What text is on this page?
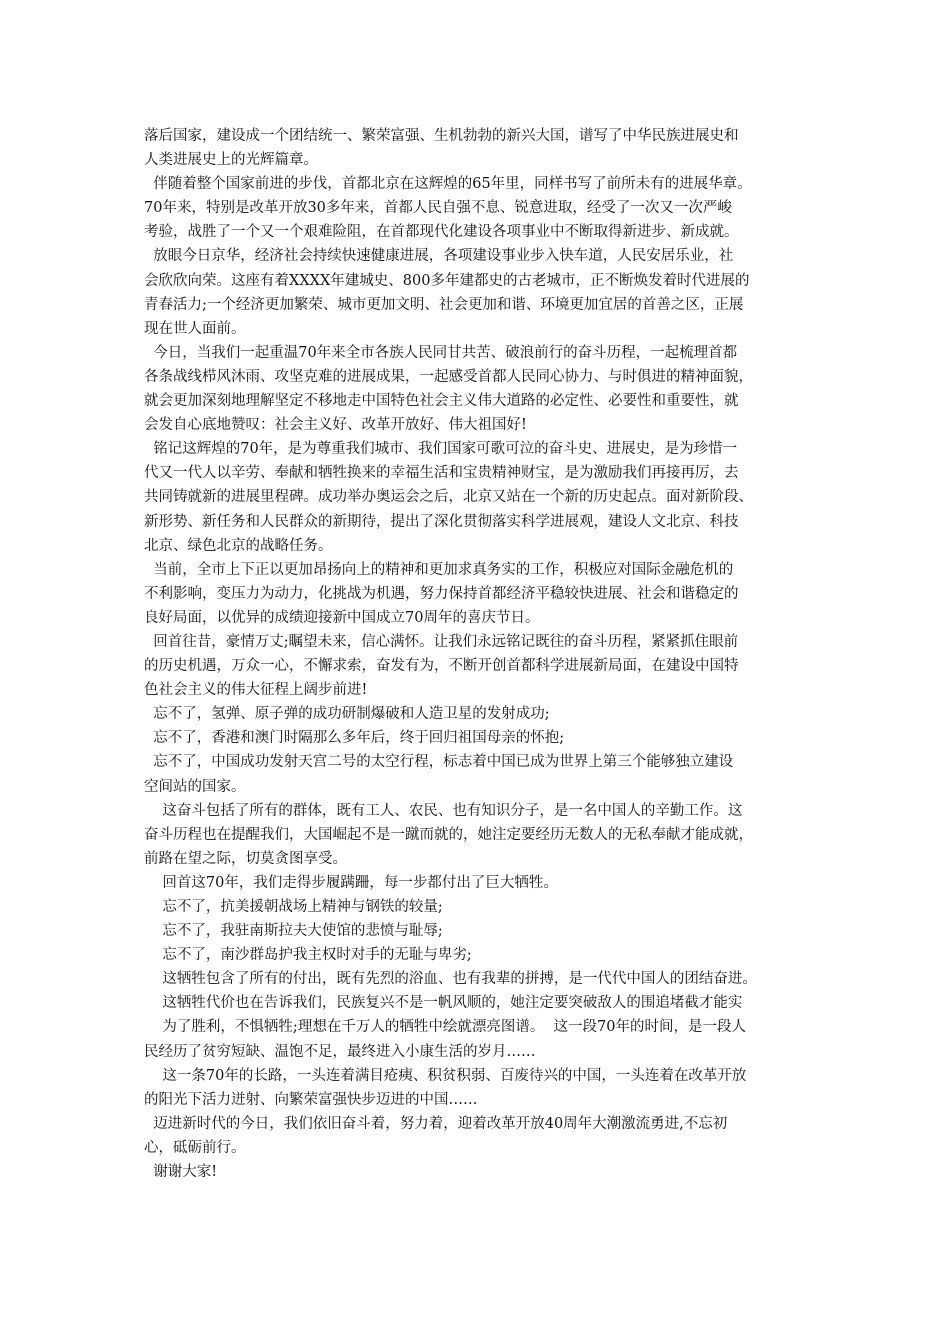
落后国家，建设成一个团结统一、繁荣富强、生机勃勃的新兴大国，谱写了中华民族进展史和
人类进展史上的光辉篇章。
伴随着整个国家前进的步伐，首都北京在这辉煌的65年里，同样书写了前所未有的进展华章。
70年来，特别是改革开放30多年来，首都人民自强不息、锐意进取，经受了一次又一次严峻
考验，战胜了一个又一个艰难险阻，在首都现代化建设各项事业中不断取得新进步、新成就。
放眼今日京华，经济社会持续快速健康进展，各项建设事业步入快车道，人民安居乐业，社
会欣欣向荣。这座有着XXXX年建城史、800多年建都史的古老城市，正不断焕发着时代进展的
青春活力;一个经济更加繁荣、城市更加文明、社会更加和谐、环境更加宜居的首善之区，正展
现在世人面前。
今日，当我们一起重温70年来全市各族人民同甘共苦、破浪前行的奋斗历程，一起梳理首都
各条战线栉风沐雨、攻坚克难的进展成果，一起感受首都人民同心协力、与时俱进的精神面貌，
就会更加深刻地理解坚定不移地走中国特色社会主义伟大道路的必定性、必要性和重要性，就
会发自心底地赞叹：社会主义好、改革开放好、伟大祖国好!
铭记这辉煌的70年，是为尊重我们城市、我们国家可歌可泣的奋斗史、进展史，是为珍惜一
代又一代人以辛劳、奉献和牺牲换来的幸福生活和宝贵精神财宝，是为激励我们再接再厉，去
共同铸就新的进展里程碑。成功举办奥运会之后，北京又站在一个新的历史起点。面对新阶段、
新形势、新任务和人民群众的新期待，提出了深化贯彻落实科学进展观，建设人文北京、科技
北京、绿色北京的战略任务。
当前，全市上下正以更加昂扬向上的精神和更加求真务实的工作，积极应对国际金融危机的
不利影响，变压力为动力，化挑战为机遇，努力保持首都经济平稳较快进展、社会和谐稳定的
良好局面，以优异的成绩迎接新中国成立70周年的喜庆节日。
回首往昔，豪情万丈;瞩望未来，信心满怀。让我们永远铭记既往的奋斗历程，紧紧抓住眼前
的历史机遇，万众一心，不懈求索，奋发有为，不断开创首都科学进展新局面，在建设中国特
色社会主义的伟大征程上阔步前进!
忘不了，氢弹、原子弹的成功研制爆破和人造卫星的发射成功;
忘不了，香港和澳门时隔那么多年后，终于回归祖国母亲的怀抱;
忘不了，中国成功发射天宫二号的太空行程，标志着中国已成为世界上第三个能够独立建设
空间站的国家。
这奋斗包括了所有的群体，既有工人、农民、也有知识分子，是一名中国人的辛勤工作。这
奋斗历程也在提醒我们，大国崛起不是一蹴而就的，她注定要经历无数人的无私奉献才能成就，
前路在望之际，切莫贪图享受。
回首这70年，我们走得步履蹒跚，每一步都付出了巨大牺牲。
忘不了，抗美援朝战场上精神与钢铁的较量;
忘不了，我驻南斯拉夫大使馆的悲愤与耻辱;
忘不了，南沙群岛护我主权时对手的无耻与卑劣;
这牺牲包含了所有的付出，既有先烈的浴血、也有我辈的拼搏，是一代代中国人的团结奋进。
这牺牲代价也在告诉我们，民族复兴不是一帆风顺的，她注定要突破敌人的围追堵截才能实
为了胜利，不惧牺牲;理想在千万人的牺牲中绘就漂亮图谱。  这一段70年的时间，是一段人
民经历了贫穷短缺、温饱不足，最终进入小康生活的岁月……
这一条70年的长路，一头连着满目疮痍、积贫积弱、百废待兴的中国，一头连着在改革开放
的阳光下活力迸射、向繁荣富强快步迈进的中国……
迈进新时代的今日，我们依旧奋斗着，努力着，迎着改革开放40周年大潮激流勇进,不忘初
心，砥砺前行。
谢谢大家!
